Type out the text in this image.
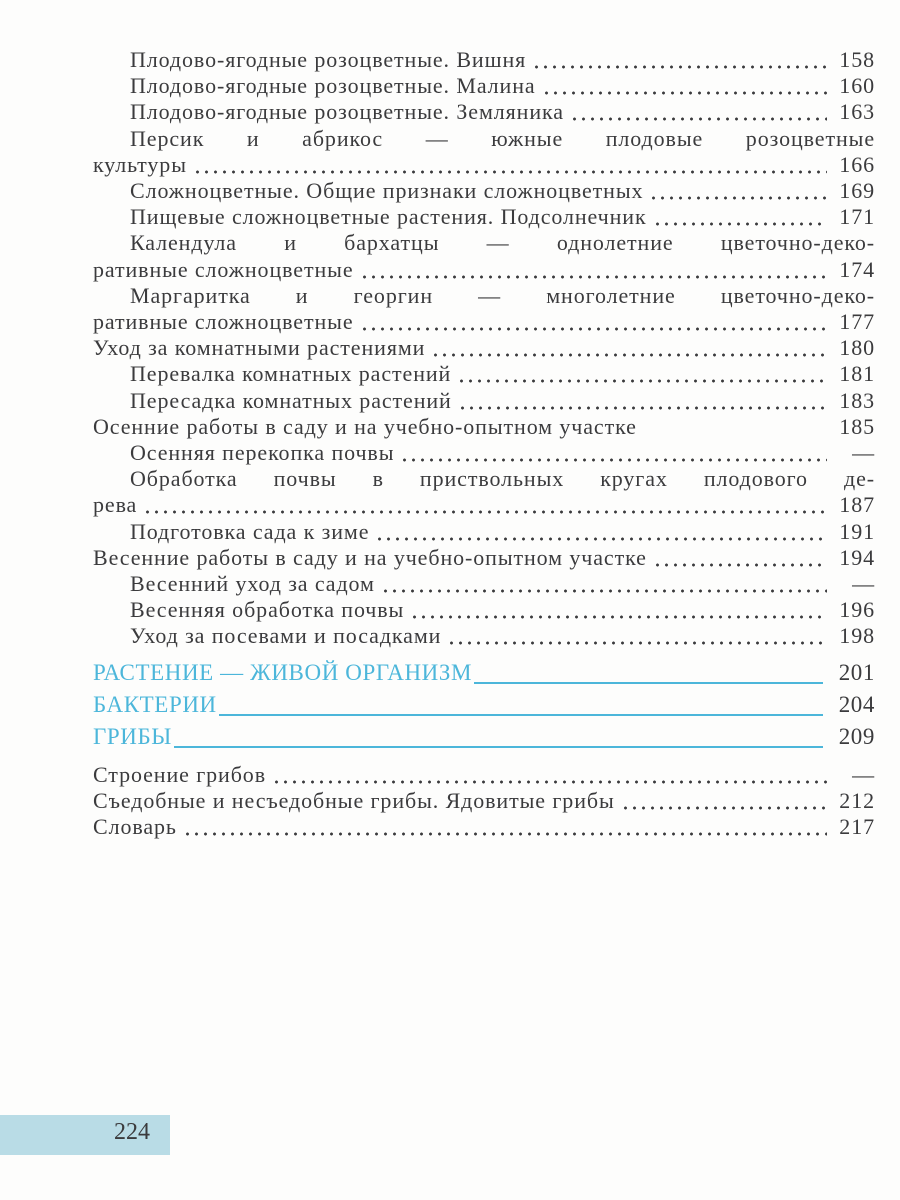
Плодово-ягодные розоцветные. Вишня	158
Плодово-ягодные розоцветные. Малина	160
Плодово-ягодные розоцветные. Земляника	163
Персик и абрикос — южные плодовые розоцветные
культуры	166
Сложноцветные. Общие признаки сложноцветных	169
Пищевые сложноцветные растения. Подсолнечник	171
Календула и бархатцы — однолетние цветочно-деко-
ративные сложноцветные	174
Маргаритка и георгин — многолетние цветочно-деко-
ративные сложноцветные	177
Уход за комнатными растениями	180
Перевалка комнатных растений	181
Пересадка комнатных растений	183
Осенние работы в саду и на учебно-опытном участке	185
Осенняя перекопка почвы	—
Обработка почвы в приствольных кругах плодового де-
рева	187
Подготовка сада к зиме	191
Весенние работы в саду и на учебно-опытном участке	194
Весенний уход за садом	—
Весенняя обработка почвы	196
Уход за посевами и посадками	198
РАСТЕНИЕ — ЖИВОЙ ОРГАНИЗМ	201
БАКТЕРИИ	204
ГРИБЫ	209
Строение грибов	—
Съедобные и несъедобные грибы. Ядовитые грибы	212
Словарь	217
224
